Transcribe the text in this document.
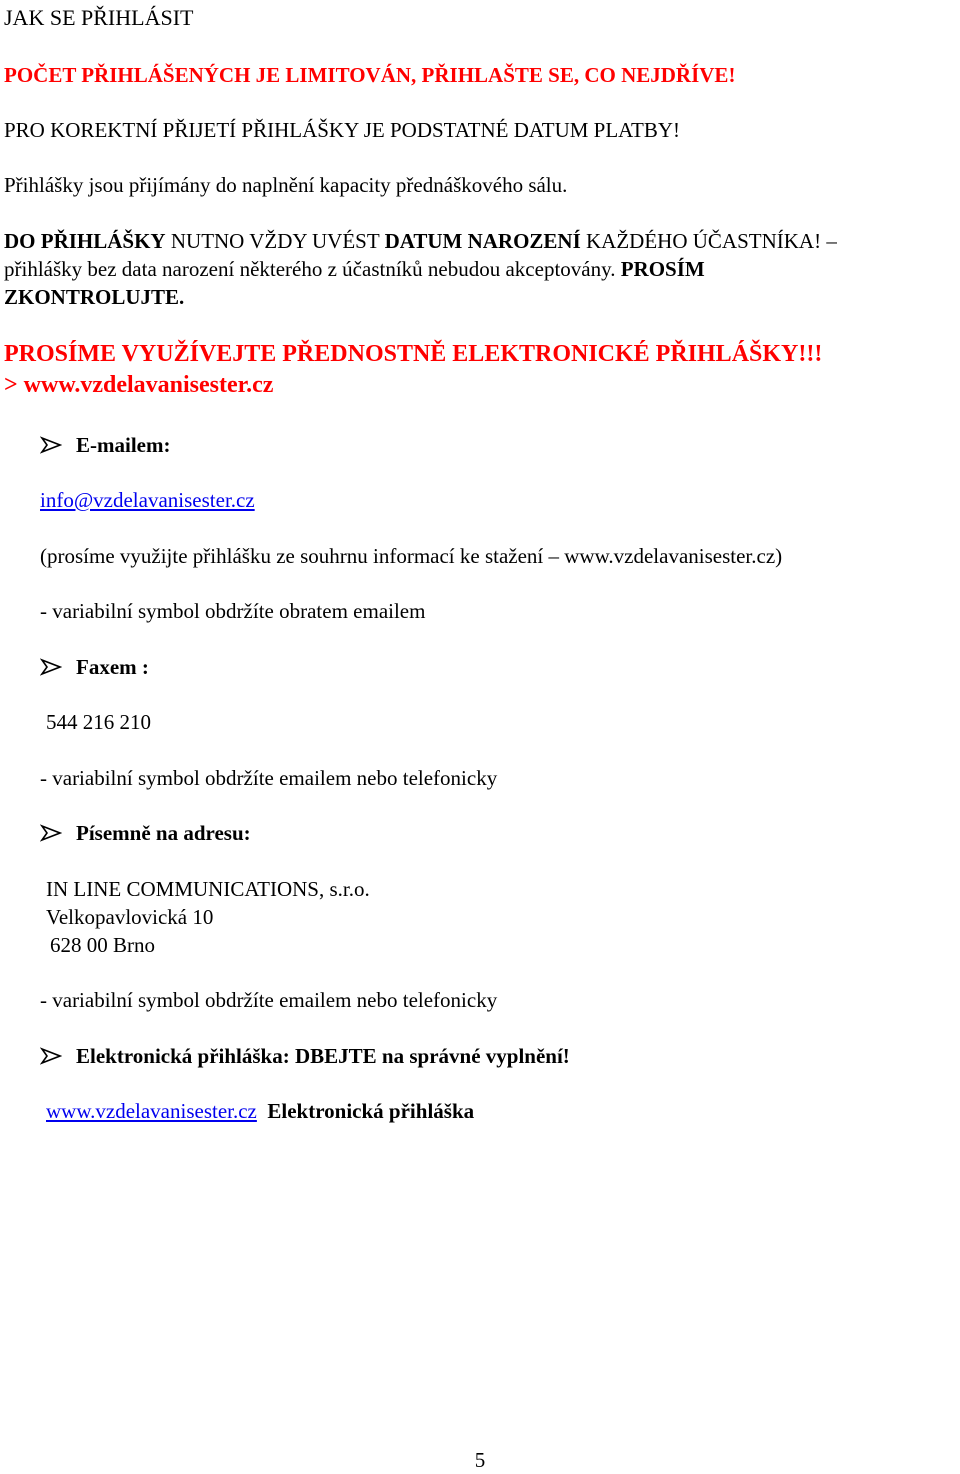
JAK SE PŘIHLÁSIT
POČET PŘIHLÁŠENÝCH JE LIMITOVÁN, PŘIHLAŠTE SE, CO NEJDŘÍVE!
PRO KOREKTNÍ PŘIJETÍ PŘIHLÁŠKY JE PODSTATNÉ DATUM PLATBY!
Přihlášky jsou přijímány do naplnění kapacity přednáškového sálu.
DO PŘIHLÁŠKY NUTNO VŽDY UVÉST DATUM NAROZENÍ KAŽDÉHO ÚČASTNÍKA! –
přihlášky bez data narození některého z účastníků nebudou akceptovány. PROSÍM
ZKONTROLUJTE.
PROSÍME VYUŽÍVEJTE PŘEDNOSTNĚ ELEKTRONICKÉ PŘIHLÁŠKY!!!
> www.vzdelavanisester.cz
E-mailem:
info@vzdelavanisester.cz
(prosíme využijte přihlášku ze souhrnu informací ke stažení – www.vzdelavanisester.cz)
- variabilní symbol obdržíte obratem emailem
Faxem :
544 216 210
- variabilní symbol obdržíte emailem nebo telefonicky
Písemně na adresu:
IN LINE COMMUNICATIONS, s.r.o.
Velkopavlovická 10
628 00 Brno
- variabilní symbol obdržíte emailem nebo telefonicky
Elektronická přihláška: DBEJTE na správné vyplnění!
www.vzdelavanisester.cz Elektronická přihláška
5
